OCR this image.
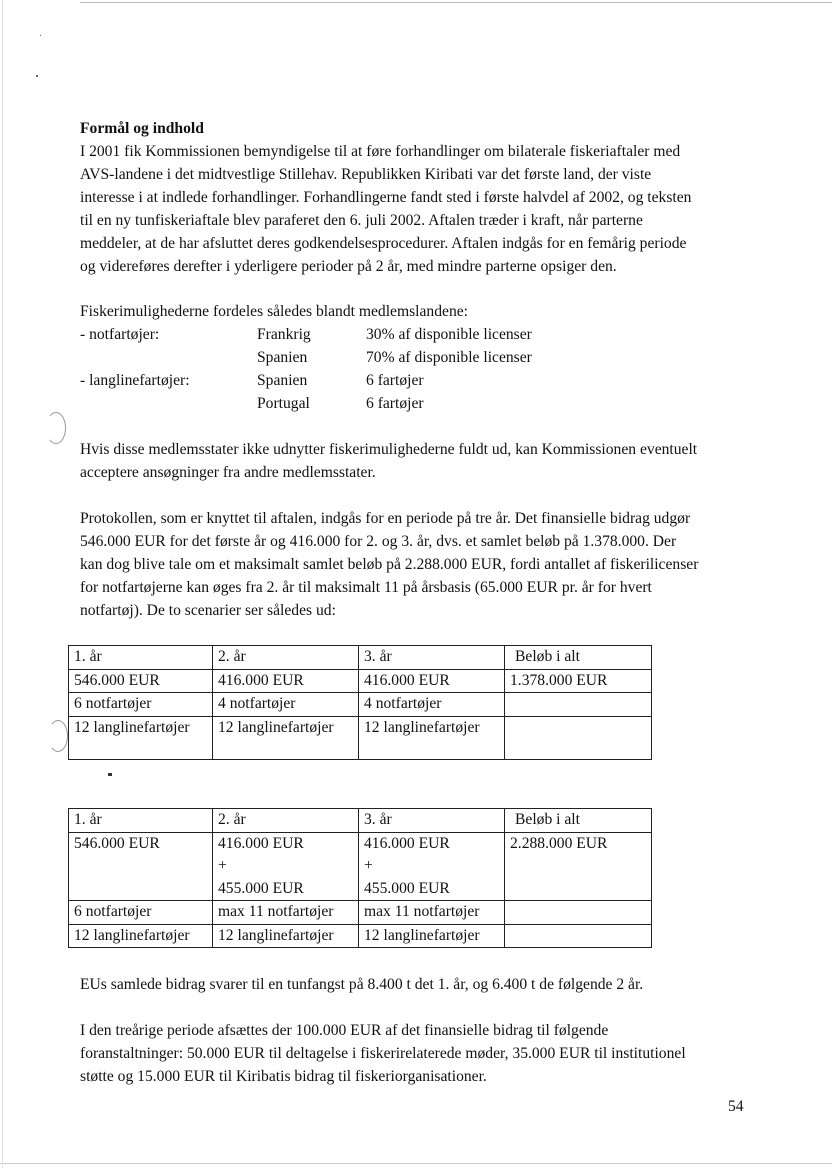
Formål og indhold
I 2001 fik Kommissionen bemyndigelse til at føre forhandlinger om bilaterale fiskeriaftaler med
AVS-landene i det midtvestlige Stillehav. Republikken Kiribati var det første land, der viste
interesse i at indlede forhandlinger. Forhandlingerne fandt sted i første halvdel af 2002, og teksten
til en ny tunfiskeriaftale blev paraferet den 6. juli 2002. Aftalen træder i kraft, når parterne
meddeler, at de har afsluttet deres godkendelsesprocedurer. Aftalen indgås for en femårig periode
og videreføres derefter i yderligere perioder på 2 år, med mindre parterne opsiger den.
Fiskerimulighederne fordeles således blandt medlemslandene:
- notfartøjer:	Frankrig	30% af disponible licenser
Spanien	70% af disponible licenser
- langlinefartøjer:	Spanien	6 fartøjer
Portugal	6 fartøjer
Hvis disse medlemsstater ikke udnytter fiskerimulighederne fuldt ud, kan Kommissionen eventuelt
acceptere ansøgninger fra andre medlemsstater.
Protokollen, som er knyttet til aftalen, indgås for en periode på tre år. Det finansielle bidrag udgør
546.000 EUR for det første år og 416.000 for 2. og 3. år, dvs. et samlet beløb på 1.378.000. Der
kan dog blive tale om et maksimalt samlet beløb på 2.288.000 EUR, fordi antallet af fiskerilicenser
for notfartøjerne kan øges fra 2. år til maksimalt 11 på årsbasis (65.000 EUR pr. år for hvert
notfartøj). De to scenarier ser således ud:
1. år	2. år	3. år	Beløb i alt
546.000 EUR	416.000 EUR	416.000 EUR	1.378.000 EUR
6 notfartøjer	4 notfartøjer	4 notfartøjer	
12 langlinefartøjer	12 langlinefartøjer	12 langlinefartøjer	
1. år	2. år	3. år	Beløb i alt
546.000 EUR	416.000 EUR
+
455.000 EUR	416.000 EUR
+
455.000 EUR	2.288.000 EUR
6 notfartøjer	max 11 notfartøjer	max 11 notfartøjer	
12 langlinefartøjer	12 langlinefartøjer	12 langlinefartøjer	
EUs samlede bidrag svarer til en tunfangst på 8.400 t det 1. år, og 6.400 t de følgende 2 år.
I den treårige periode afsættes der 100.000 EUR af det finansielle bidrag til følgende
foranstaltninger: 50.000 EUR til deltagelse i fiskerirelaterede møder, 35.000 EUR til institutionel
støtte og 15.000 EUR til Kiribatis bidrag til fiskeriorganisationer.
54
